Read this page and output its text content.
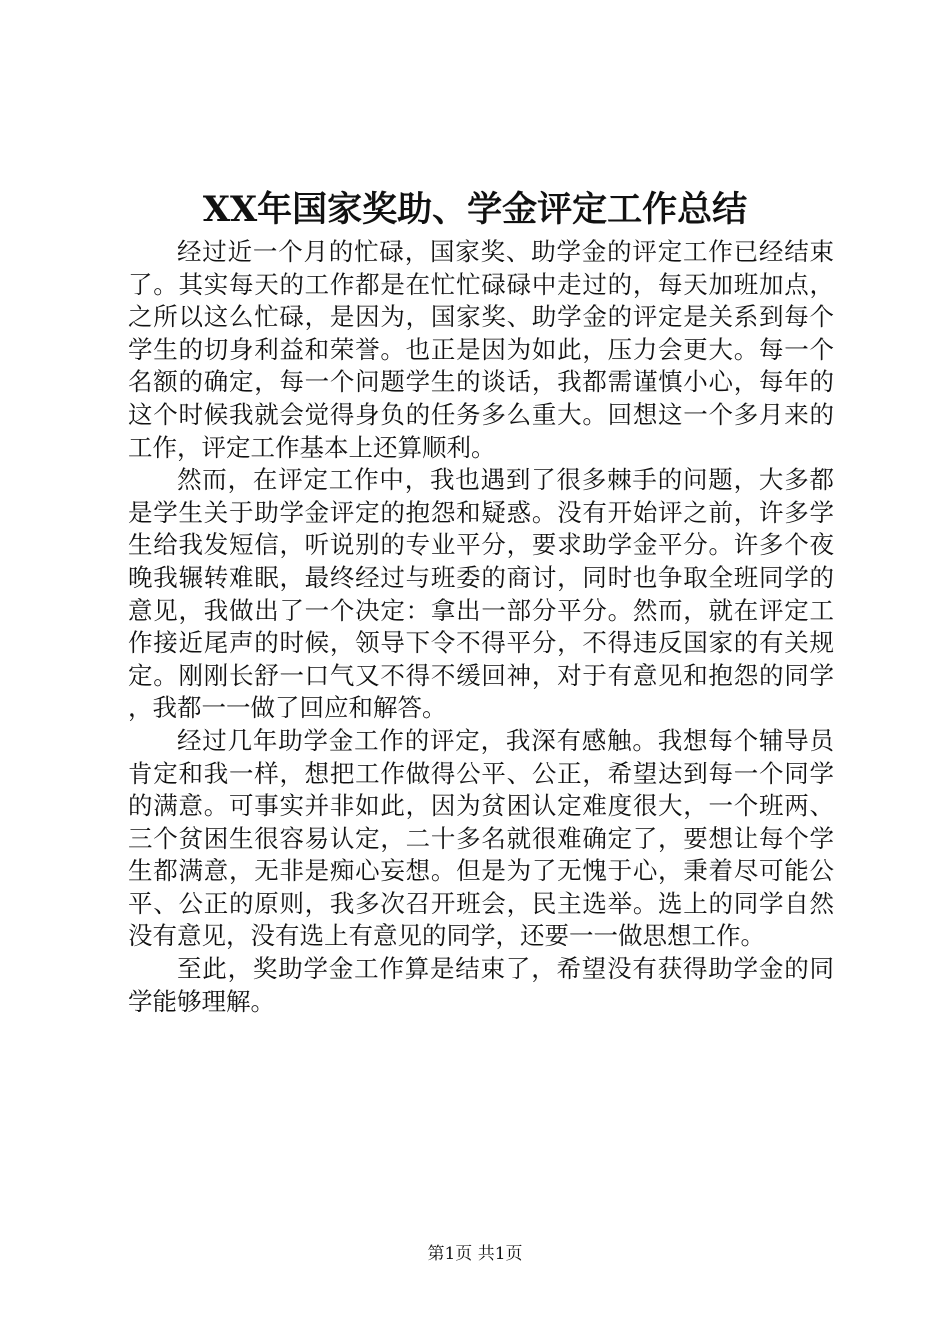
XX年国家奖助、学金评定工作总结

经过近一个月的忙碌，国家奖、助学金的评定工作已经结束了。其实每天的工作都是在忙忙碌碌中走过的，每天加班加点，之所以这么忙碌，是因为，国家奖、助学金的评定是关系到每个学生的切身利益和荣誉。也正是因为如此，压力会更大。每一个名额的确定，每一个问题学生的谈话，我都需谨慎小心，每年的这个时候我就会觉得身负的任务多么重大。回想这一个多月来的工作，评定工作基本上还算顺利。

然而，在评定工作中，我也遇到了很多棘手的问题，大多都是学生关于助学金评定的抱怨和疑惑。没有开始评之前，许多学生给我发短信，听说别的专业平分，要求助学金平分。许多个夜晚我辗转难眠，最终经过与班委的商讨，同时也争取全班同学的意见，我做出了一个决定：拿出一部分平分。然而，就在评定工作接近尾声的时候，领导下令不得平分，不得违反国家的有关规定。刚刚长舒一口气又不得不缓回神，对于有意见和抱怨的同学，我都一一做了回应和解答。

经过几年助学金工作的评定，我深有感触。我想每个辅导员肯定和我一样，想把工作做得公平、公正，希望达到每一个同学的满意。可事实并非如此，因为贫困认定难度很大，一个班两、三个贫困生很容易认定，二十多名就很难确定了，要想让每个学生都满意，无非是痴心妄想。但是为了无愧于心，秉着尽可能公平、公正的原则，我多次召开班会，民主选举。选上的同学自然没有意见，没有选上有意见的同学，还要一一做思想工作。

至此，奖助学金工作算是结束了，希望没有获得助学金的同学能够理解。

第1页 共1页
